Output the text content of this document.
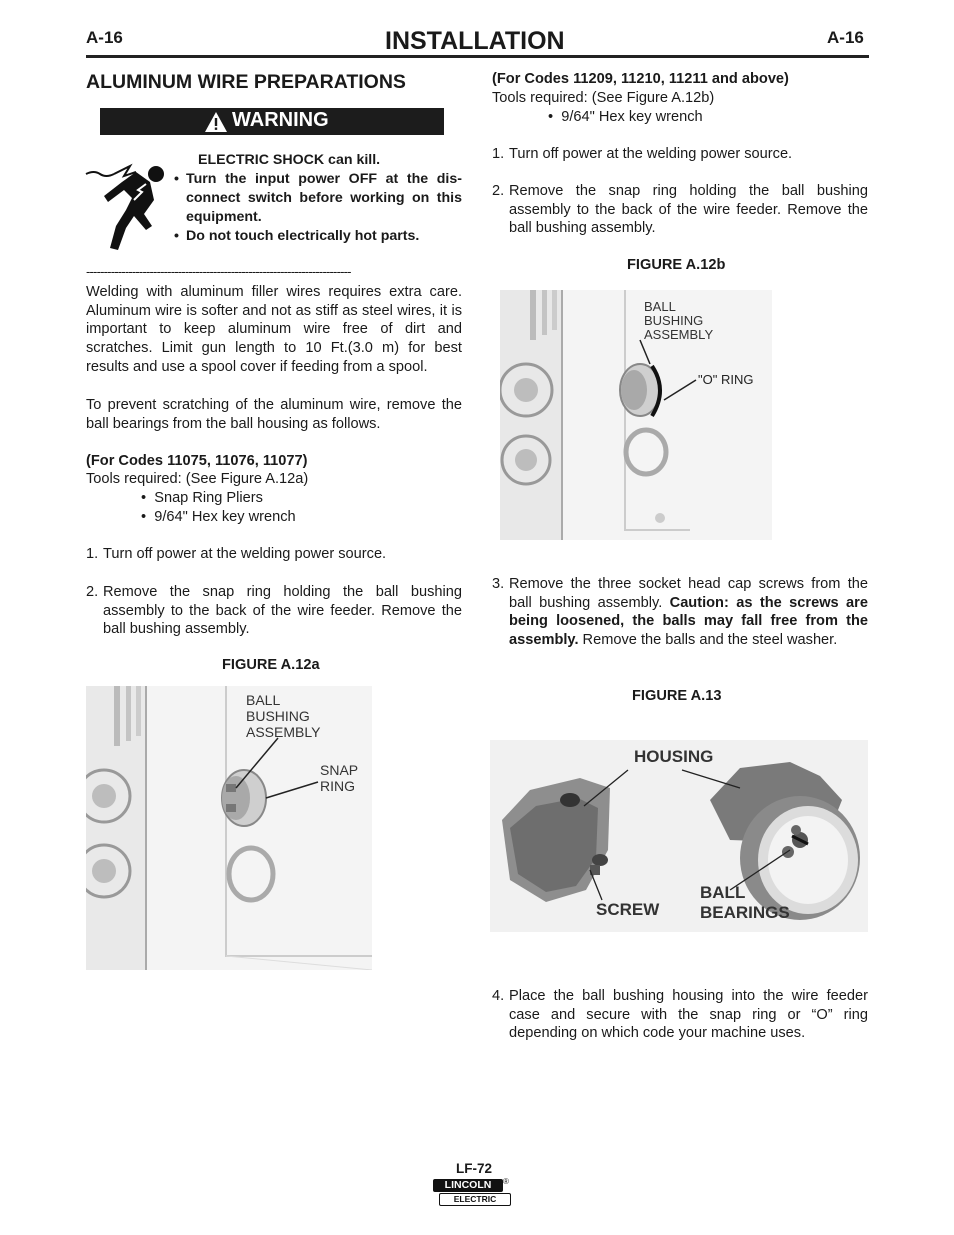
A-16	INSTALLATION	A-16
ALUMINUM WIRE PREPARATIONS
WARNING
ELECTRIC SHOCK can kill.
• Turn the input power OFF at the dis-connect switch before working on this equipment.
• Do not touch electrically hot parts.
---------------------------------------------------------------------------

Welding with aluminum filler wires requires extra care. Aluminum wire is softer and not as stiff as steel wires, it is important to keep aluminum wire free of dirt and scratches. Limit gun length to 10 Ft.(3.0 m) for best results and use a spool cover if feeding from a spool.

To prevent scratching of the aluminum wire, remove the ball bearings from the ball housing as follows.

(For Codes 11075, 11076, 11077)
Tools required: (See Figure A.12a)
• Snap Ring Pliers
• 9/64" Hex key wrench
1. Turn off power at the welding power source.
2. Remove the snap ring holding the ball bushing assembly to the back of the wire feeder. Remove the ball bushing assembly.
FIGURE A.12a
BALL
BUSHING
ASSEMBLY
SNAP
RING
(For Codes 11209, 11210, 11211 and above)
Tools required: (See Figure A.12b)
• 9/64" Hex key wrench
1. Turn off power at the welding power source.
2. Remove the snap ring holding the ball bushing assembly to the back of the wire feeder. Remove the ball bushing assembly.
FIGURE A.12b
BALL
BUSHING
ASSEMBLY
"O" RING
3. Remove the three socket head cap screws from the ball bushing assembly. Caution: as the screws are being loosened, the balls may fall free from the assembly. Remove the balls and the steel washer.
FIGURE A.13
HOUSING
SCREW
BALL
BEARINGS
4. Place the ball bushing housing into the wire feeder case and secure with the snap ring or “O” ring depending on which code your machine uses.
LF-72
LINCOLN	®
ELECTRIC
